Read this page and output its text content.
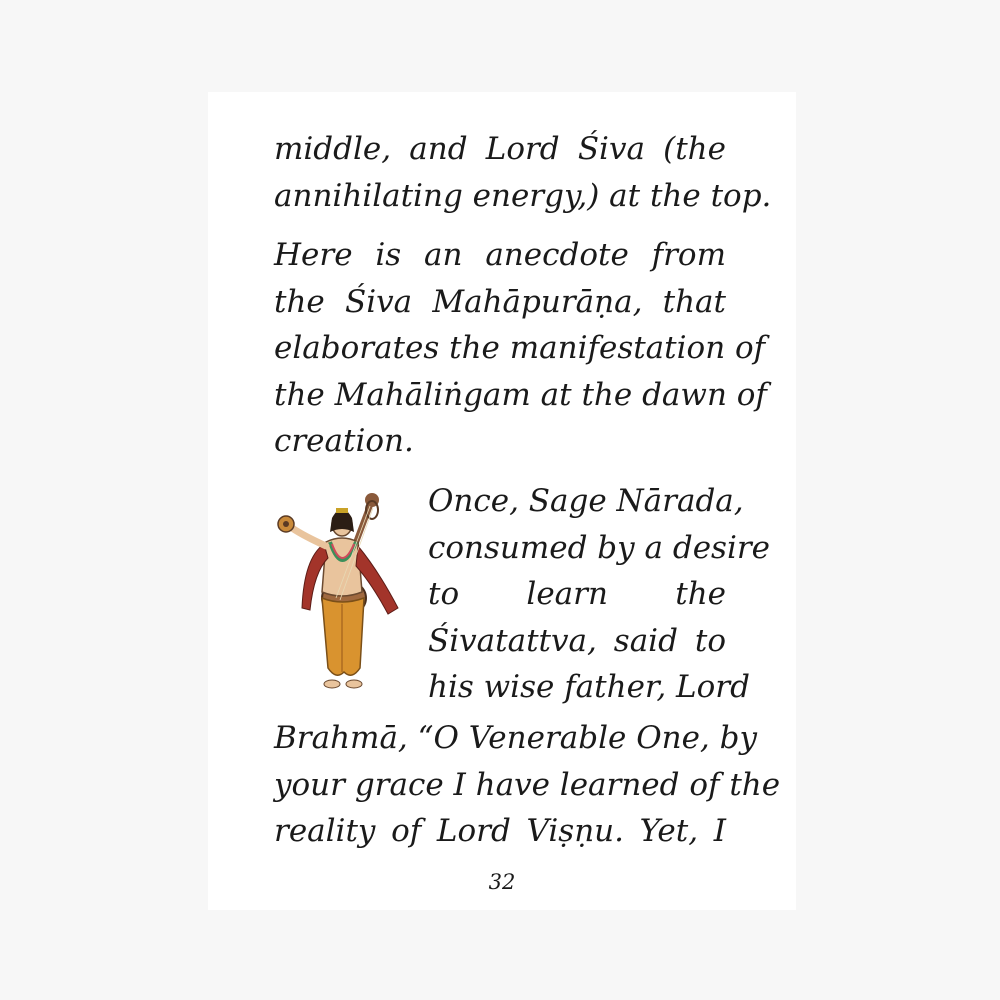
middle, and Lord Śiva (the
annihilating energy,) at the top.
Here is an anecdote from
the Śiva Mahāpurāṇa, that
elaborates the manifestation of
the Mahāliṅgam at the dawn of
creation.
Once, Sage Nārada,
consumed by a desire
to learn the
Śivatattva, said to
his wise father, Lord
Brahmā, “O Venerable One, by
your grace I have learned of the
reality of Lord Viṣṇu. Yet, I
32
